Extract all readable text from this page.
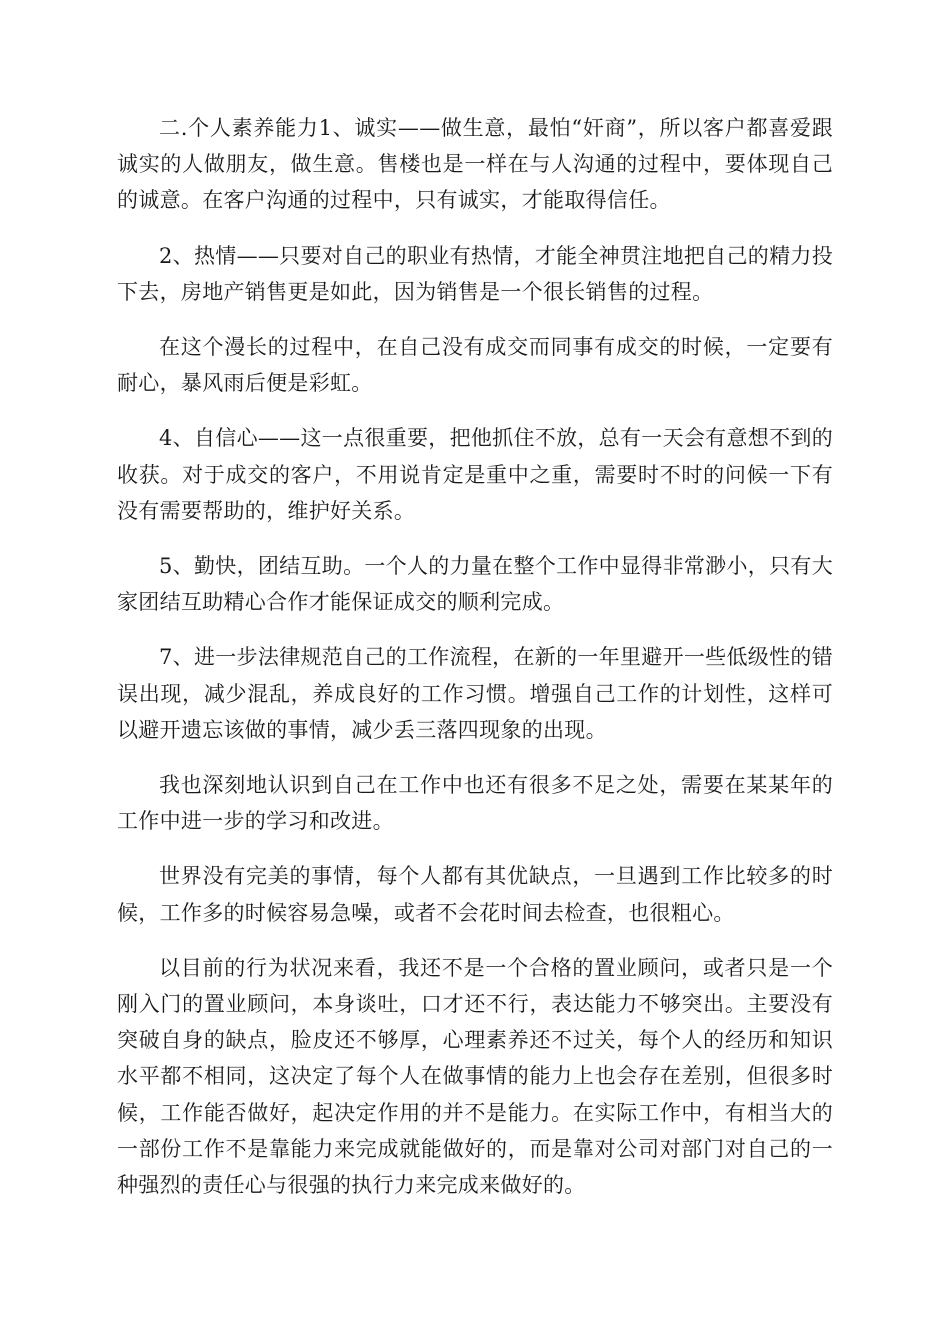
二.个人素养能力1、诚实——做生意，最怕“奸商”，所以客户都喜爱跟诚实的人做朋友，做生意。售楼也是一样在与人沟通的过程中，要体现自己的诚意。在客户沟通的过程中，只有诚实，才能取得信任。

2、热情——只要对自己的职业有热情，才能全神贯注地把自己的精力投下去，房地产销售更是如此，因为销售是一个很长销售的过程。

在这个漫长的过程中，在自己没有成交而同事有成交的时候，一定要有耐心，暴风雨后便是彩虹。

4、自信心——这一点很重要，把他抓住不放，总有一天会有意想不到的收获。对于成交的客户，不用说肯定是重中之重，需要时不时的问候一下有没有需要帮助的，维护好关系。

5、勤快，团结互助。一个人的力量在整个工作中显得非常渺小，只有大家团结互助精心合作才能保证成交的顺利完成。

7、进一步法律规范自己的工作流程，在新的一年里避开一些低级性的错误出现，减少混乱，养成良好的工作习惯。增强自己工作的计划性，这样可以避开遗忘该做的事情，减少丢三落四现象的出现。

我也深刻地认识到自己在工作中也还有很多不足之处，需要在某某年的工作中进一步的学习和改进。

世界没有完美的事情，每个人都有其优缺点，一旦遇到工作比较多的时候，工作多的时候容易急噪，或者不会花时间去检查，也很粗心。

以目前的行为状况来看，我还不是一个合格的置业顾问，或者只是一个刚入门的置业顾问，本身谈吐，口才还不行，表达能力不够突出。主要没有突破自身的缺点，脸皮还不够厚，心理素养还不过关，每个人的经历和知识水平都不相同，这决定了每个人在做事情的能力上也会存在差别，但很多时候，工作能否做好，起决定作用的并不是能力。在实际工作中，有相当大的一部份工作不是靠能力来完成就能做好的，而是靠对公司对部门对自己的一种强烈的责任心与很强的执行力来完成来做好的。
